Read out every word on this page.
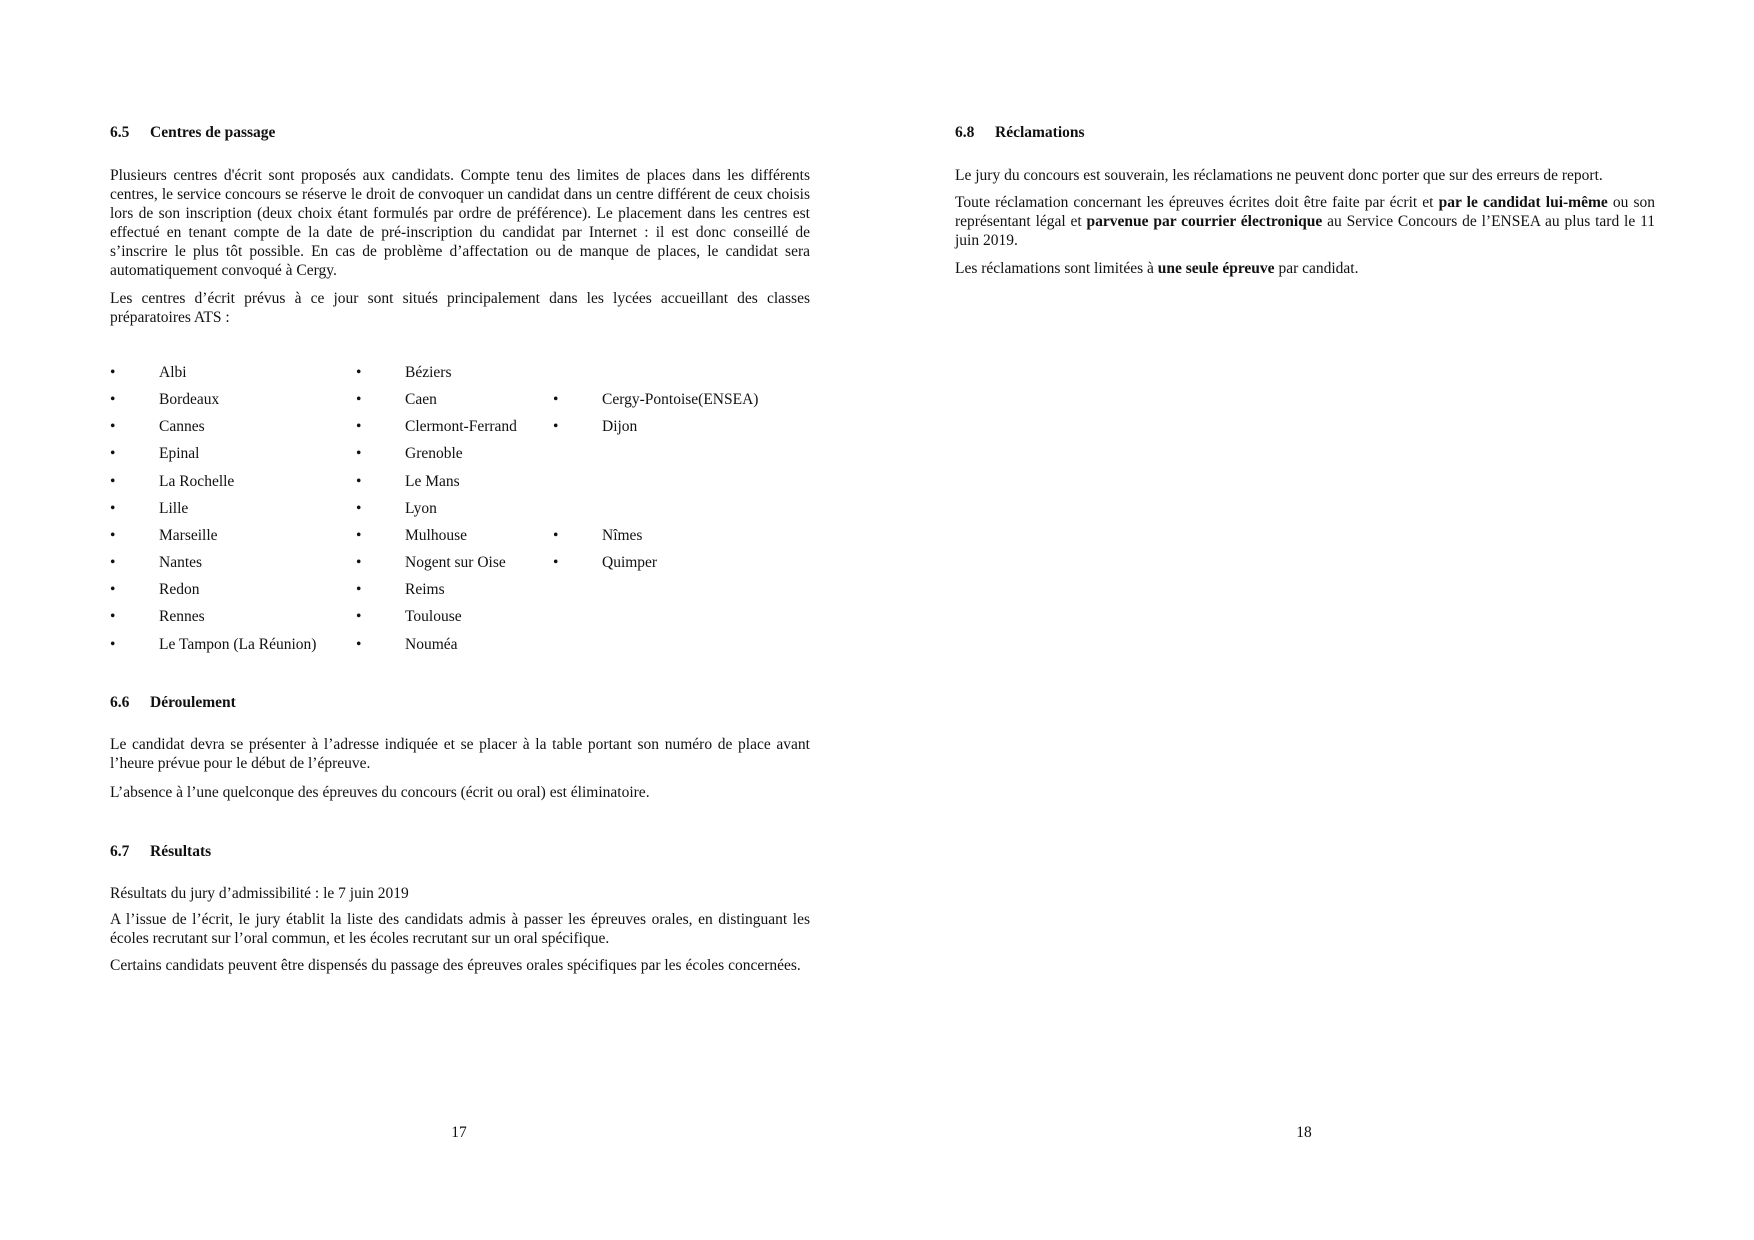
6.5 Centres de passage
Plusieurs centres d'écrit sont proposés aux candidats. Compte tenu des limites de places dans les différents centres, le service concours se réserve le droit de convoquer un candidat dans un centre différent de ceux choisis lors de son inscription (deux choix étant formulés par ordre de préférence). Le placement dans les centres est effectué en tenant compte de la date de pré-inscription du candidat par Internet : il est donc conseillé de s’inscrire le plus tôt possible. En cas de problème d’affectation ou de manque de places, le candidat sera automatiquement convoqué à Cergy.
Les centres d’écrit prévus à ce jour sont situés principalement dans les lycées accueillant des classes préparatoires ATS :
•	Albi
•	Bordeaux
•	Cannes
•	Epinal
•	La Rochelle
•	Lille
•	Marseille
•	Nantes
•	Redon
•	Rennes
•	Le Tampon (La Réunion)
•	Béziers
•	Caen
•	Clermont-Ferrand
•	Grenoble
•	Le Mans
•	Lyon
•	Mulhouse
•	Nogent sur Oise
•	Reims
•	Toulouse
•	Nouméa
•	Cergy-Pontoise(ENSEA)
•	Dijon
•	Nîmes
•	Quimper
6.6 Déroulement
Le candidat devra se présenter à l’adresse indiquée et se placer à la table portant son numéro de place avant l’heure prévue pour le début de l’épreuve.
L’absence à l’une quelconque des épreuves du concours (écrit ou oral) est éliminatoire.
6.7 Résultats
Résultats du jury d’admissibilité : le 7 juin 2019
A l’issue de l’écrit, le jury établit la liste des candidats admis à passer les épreuves orales, en distinguant les écoles recrutant sur l’oral commun, et les écoles recrutant sur un oral spécifique.
Certains candidats peuvent être dispensés du passage des épreuves orales spécifiques par les écoles concernées.
17
6.8 Réclamations
Le jury du concours est souverain, les réclamations ne peuvent donc porter que sur des erreurs de report.
Toute réclamation concernant les épreuves écrites doit être faite par écrit et par le candidat lui-même ou son représentant légal et parvenue par courrier électronique au Service Concours de l’ENSEA au plus tard le 11 juin 2019.
Les réclamations sont limitées à une seule épreuve par candidat.
18
